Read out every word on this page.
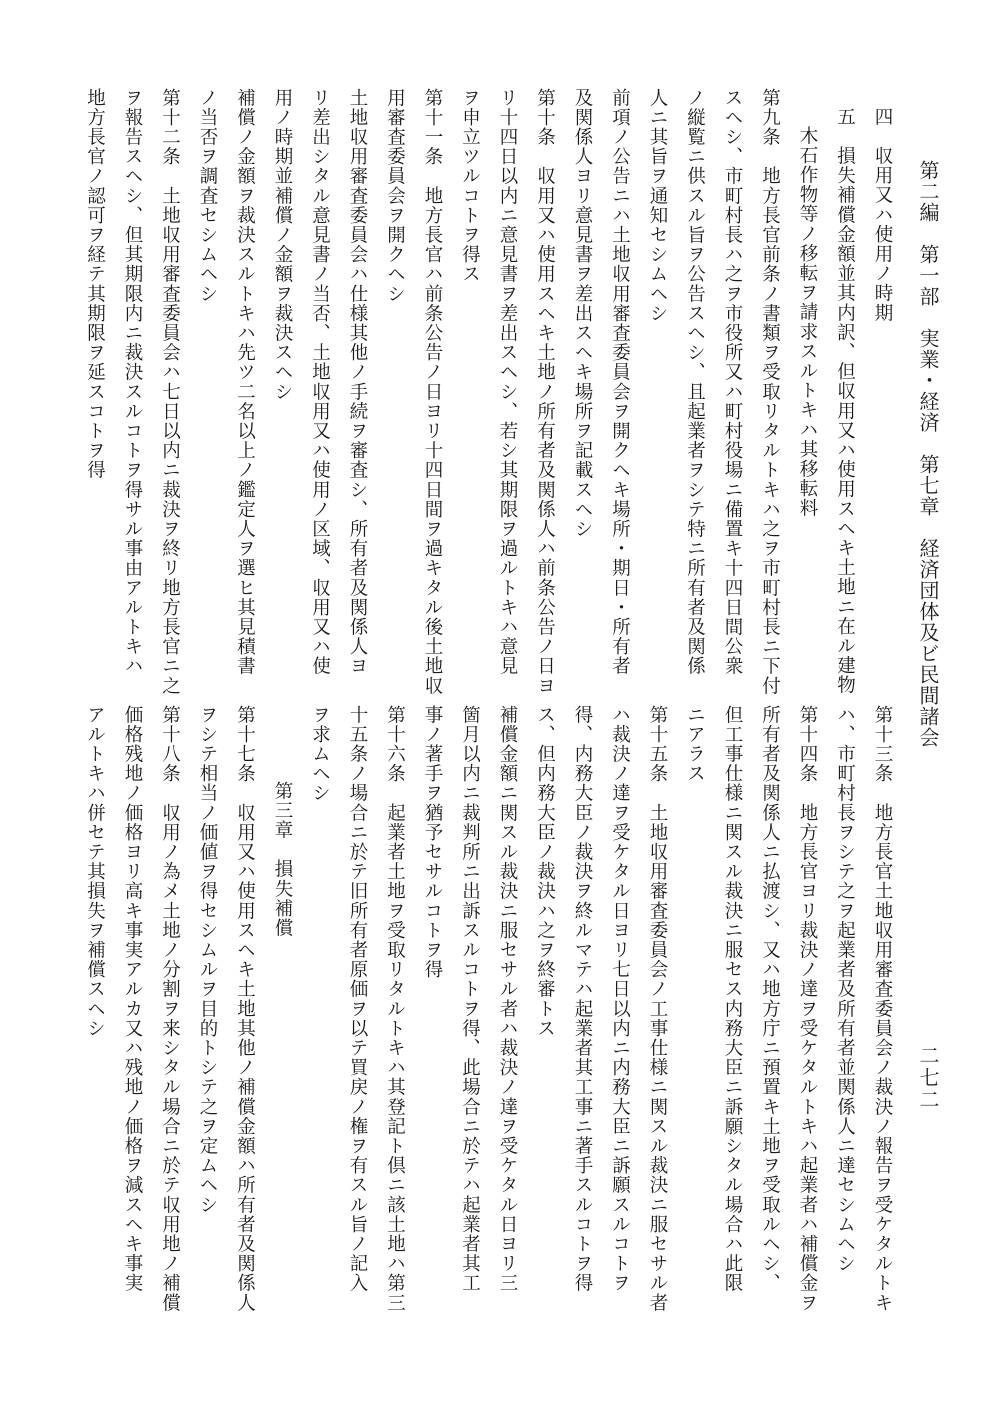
第二編　第一部　実業・経済　第七章　経済団体及ビ民間諸会
二七二
四　収用又ハ使用ノ時期
五　損失補償金額並其内訳、但収用又ハ使用スヘキ土地ニ在ル建物
木石作物等ノ移転ヲ請求スルトキハ其移転料
第九条　地方長官前条ノ書類ヲ受取リタルトキハ之ヲ市町村長ニ下付
スヘシ、市町村長ハ之ヲ市役所又ハ町村役場ニ備置キ十四日間公衆
ノ縦覧ニ供スル旨ヲ公告スヘシ、且起業者ヲシテ特ニ所有者及関係
人ニ其旨ヲ通知セシムヘシ
前項ノ公告ニハ土地収用審査委員会ヲ開クヘキ場所・期日・所有者
及関係人ヨリ意見書ヲ差出スヘキ場所ヲ記載スヘシ
第十条　収用又ハ使用スヘキ土地ノ所有者及関係人ハ前条公告ノ日ヨ
リ十四日以内ニ意見書ヲ差出スヘシ、若シ其期限ヲ過ルトキハ意見
ヲ申立ツルコトヲ得ス
第十一条　地方長官ハ前条公告ノ日ヨリ十四日間ヲ過キタル後土地収
用審査委員会ヲ開クヘシ
土地収用審査委員会ハ仕様其他ノ手続ヲ審査シ、所有者及関係人ヨ
リ差出シタル意見書ノ当否、土地収用又ハ使用ノ区域、収用又ハ使
用ノ時期並補償ノ金額ヲ裁決スヘシ
補償ノ金額ヲ裁決スルトキハ先ツ二名以上ノ鑑定人ヲ選ヒ其見積書
ノ当否ヲ調査セシムヘシ
第十二条　土地収用審査委員会ハ七日以内ニ裁決ヲ終リ地方長官ニ之
ヲ報告スヘシ、但其期限内ニ裁決スルコトヲ得サル事由アルトキハ
地方長官ノ認可ヲ経テ其期限ヲ延スコトヲ得
第十三条　地方長官土地収用審査委員会ノ裁決ノ報告ヲ受ケタルトキ
ハ、市町村長ヲシテ之ヲ起業者及所有者並関係人ニ達セシムヘシ
第十四条　地方長官ヨリ裁決ノ達ヲ受ケタルトキハ起業者ハ補償金ヲ
所有者及関係人ニ払渡シ、又ハ地方庁ニ預置キ土地ヲ受取ルヘシ、
但工事仕様ニ関スル裁決ニ服セス内務大臣ニ訴願シタル場合ハ此限
ニアラス
第十五条　土地収用審査委員会ノ工事仕様ニ関スル裁決ニ服セサル者
ハ裁決ノ達ヲ受ケタル日ヨリ七日以内ニ内務大臣ニ訴願スルコトヲ
得、内務大臣ノ裁決ヲ終ルマテハ起業者其工事ニ著手スルコトヲ得
ス、但内務大臣ノ裁決ハ之ヲ終審トス
補償金額ニ関スル裁決ニ服セサル者ハ裁決ノ達ヲ受ケタル日ヨリ三
箇月以内ニ裁判所ニ出訴スルコトヲ得、此場合ニ於テハ起業者其工
事ノ著手ヲ猶予セサルコトヲ得
第十六条　起業者土地ヲ受取リタルトキハ其登記ト倶ニ該土地ハ第三
十五条ノ場合ニ於テ旧所有者原価ヲ以テ買戻ノ権ヲ有スル旨ノ記入
ヲ求ムヘシ
第三章　損失補償
第十七条　収用又ハ使用スヘキ土地其他ノ補償金額ハ所有者及関係人
ヲシテ相当ノ価値ヲ得セシムルヲ目的トシテ之ヲ定ムヘシ
第十八条　収用ノ為メ土地ノ分割ヲ来シタル場合ニ於テ収用地ノ補償
価格残地ノ価格ヨリ高キ事実アルカ又ハ残地ノ価格ヲ減スヘキ事実
アルトキハ併セテ其損失ヲ補償スヘシ
